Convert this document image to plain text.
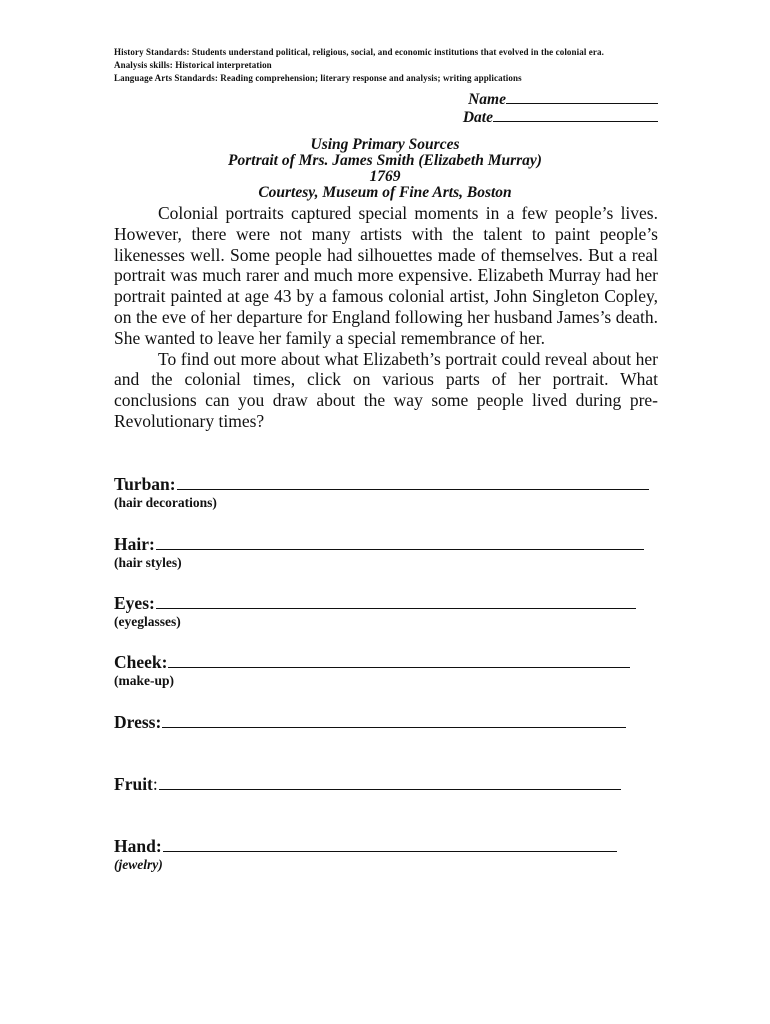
History Standards: Students understand political, religious, social, and economic institutions that evolved in the colonial era.
Analysis skills: Historical interpretation
Language Arts Standards: Reading comprehension; literary response and analysis; writing applications
Name
Date
Using Primary Sources
Portrait of Mrs. James Smith (Elizabeth Murray)
1769
Courtesy, Museum of Fine Arts, Boston

Colonial portraits captured special moments in a few people’s lives. However, there were not many artists with the talent to paint people’s likenesses well. Some people had silhouettes made of themselves. But a real portrait was much rarer and much more expensive. Elizabeth Murray had her portrait painted at age 43 by a famous colonial artist, John Singleton Copley, on the eve of her departure for England following her husband James’s death. She wanted to leave her family a special remembrance of her.

To find out more about what Elizabeth’s portrait could reveal about her and the colonial times, click on various parts of her portrait. What conclusions can you draw about the way some people lived during pre-Revolutionary times?

Turban:
(hair decorations)
Hair:
(hair styles)
Eyes:
(eyeglasses)
Cheek:
(make-up)
Dress:
Fruit:
Hand:
(jewelry)
